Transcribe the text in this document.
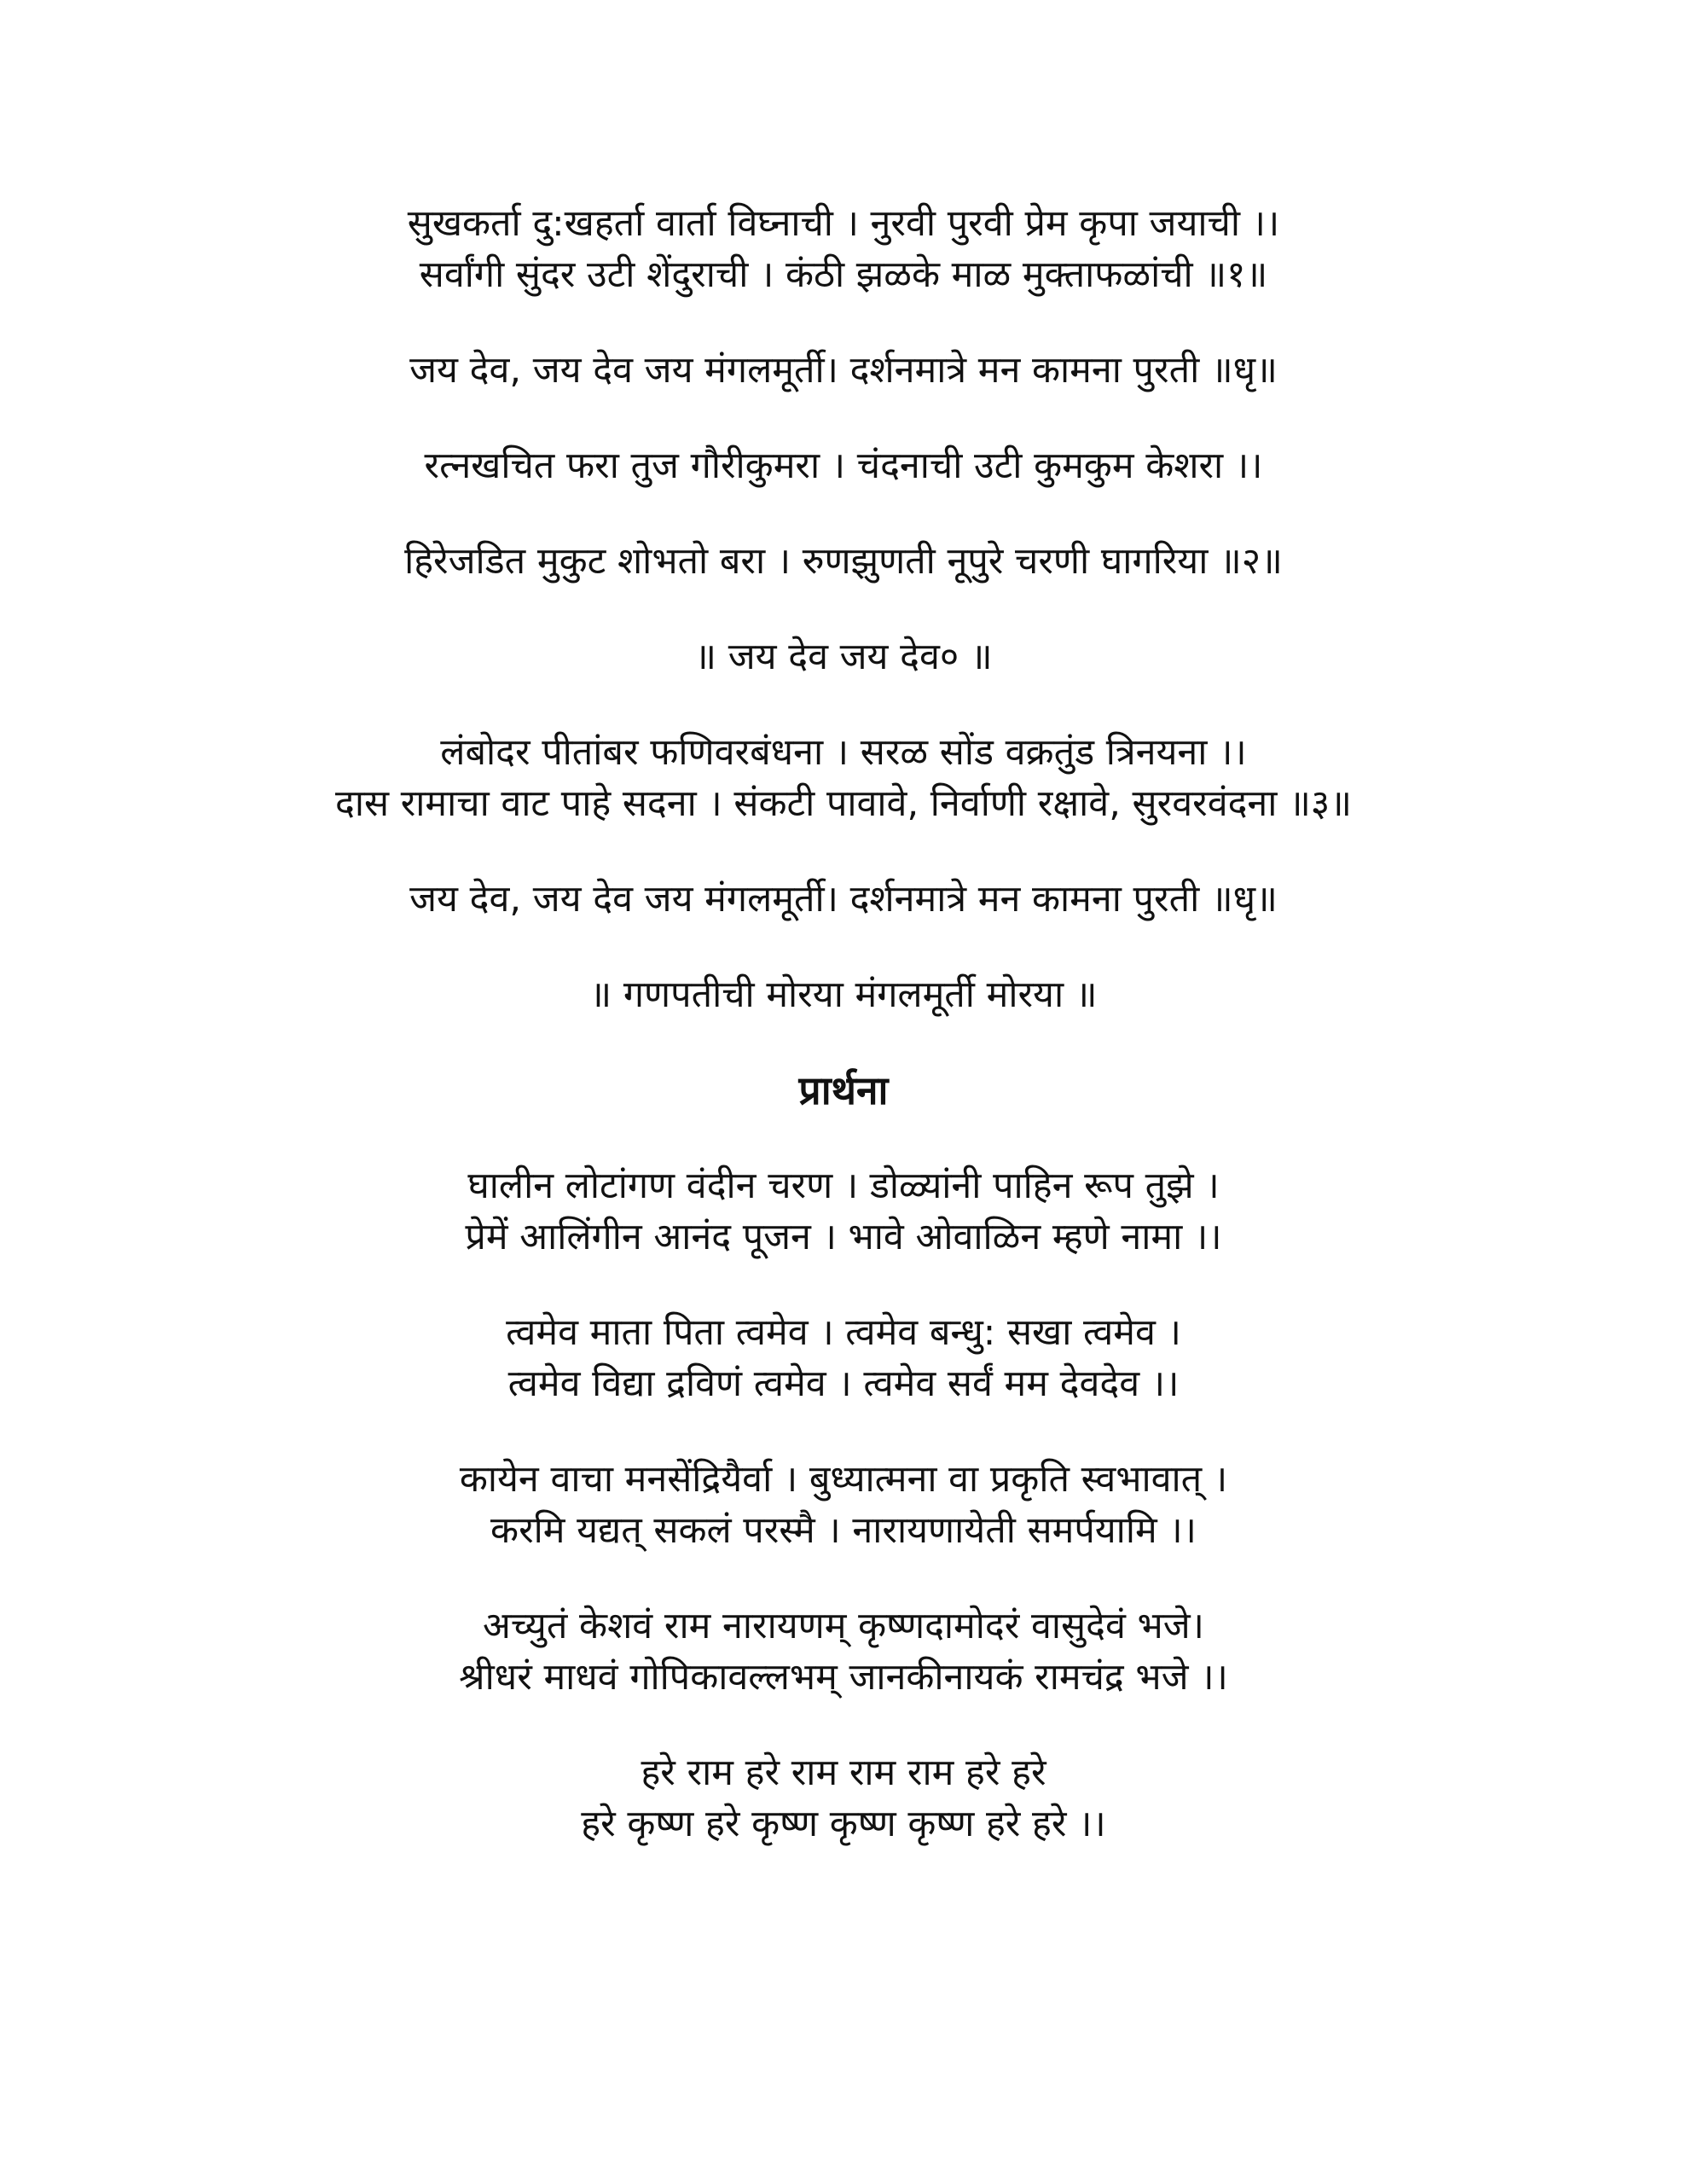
सुखकर्ता दु:खहर्ता वार्ता विघ्नाची । नुरवी पुरवी प्रेम कृपा जयाची ।।
सर्वांगी सुंदर उटी शेंदुराची । कंठी झळके माळ मुक्ताफळांची ॥१॥
जय देव, जय देव जय मंगलमूर्ती। दर्शनमात्रे मन कामना पुरती ॥धृ॥
रत्नखचित फरा तुज गौरीकुमरा । चंदनाची उटी कुमकुम केशरा ।।
हिरेजडित मुकुट शोभतो बरा । रुणझुणती नूपुरे चरणी घागरिया ॥२॥
॥ जय देव जय देव० ॥
लंबोदर पीतांबर फणिवरबंधना । सरळ सोंड वक्रतुंड त्रिनयना ।।
दास रामाचा वाट पाहे सदना । संकटी पावावे, निर्वाणी रक्षावे, सुरवरवंदना ॥३॥
जय देव, जय देव जय मंगलमूर्ती। दर्शनमात्रे मन कामना पुरती ॥धृ॥
॥ गणपतीची मोरया मंगलमूर्ती मोरया ॥
प्रार्थना
घालीन लोटांगण वंदीन चरण । डोळ्यांनी पाहिन रूप तुझे ।
प्रेमें आलिंगीन आनंद पूजन । भावे ओवाळिन म्हणे नामा ।।
त्वमेव माता पिता त्वमेव । त्वमेव बन्धु: सखा त्वमेव ।
त्वमेव विद्या द्रविणं त्वमेव । त्वमेव सर्वं मम देवदेव ।।
कायेन वाचा मनसेंद्रियैर्वा । बुध्यात्मना वा प्रकृति स्वभावात् ।
करमि यद्यत् सकलं परस्मै । नारायणायेती समर्पयामि ।।
अच्युतं केशवं राम नारायणम् कृष्णदामोदरं वासुदेवं भजे।
श्रीधरं माधवं गोपिकावल्लभम् जानकीनायकं रामचंद्र भजे ।।
हरे राम हरे राम राम राम हरे हरे
हरे कृष्ण हरे कृष्ण कृष्ण कृष्ण हरे हरे ।।
